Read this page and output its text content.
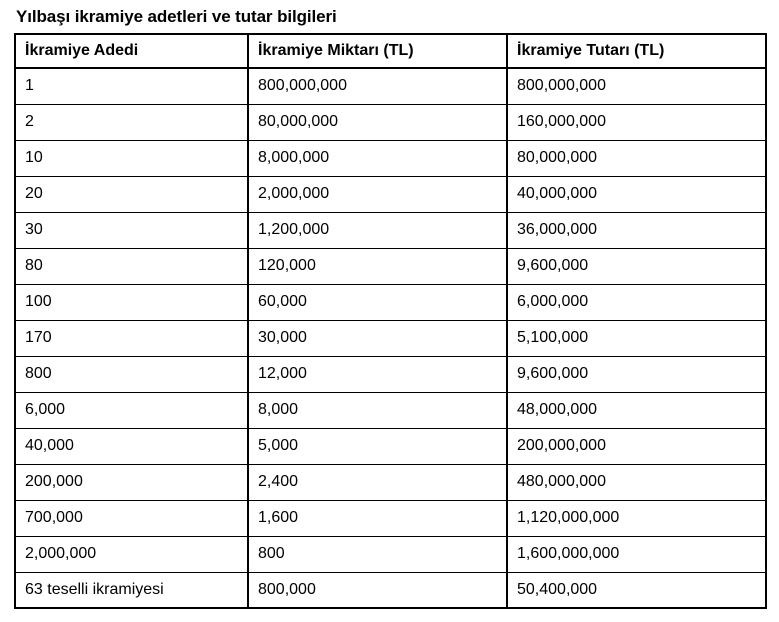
Yılbaşı ikramiye adetleri ve tutar bilgileri
İkramiye Adedi	İkramiye Miktarı (TL)	İkramiye Tutarı (TL)
1	800,000,000	800,000,000
2	80,000,000	160,000,000
10	8,000,000	80,000,000
20	2,000,000	40,000,000
30	1,200,000	36,000,000
80	120,000	9,600,000
100	60,000	6,000,000
170	30,000	5,100,000
800	12,000	9,600,000
6,000	8,000	48,000,000
40,000	5,000	200,000,000
200,000	2,400	480,000,000
700,000	1,600	1,120,000,000
2,000,000	800	1,600,000,000
63 teselli ikramiyesi	800,000	50,400,000
